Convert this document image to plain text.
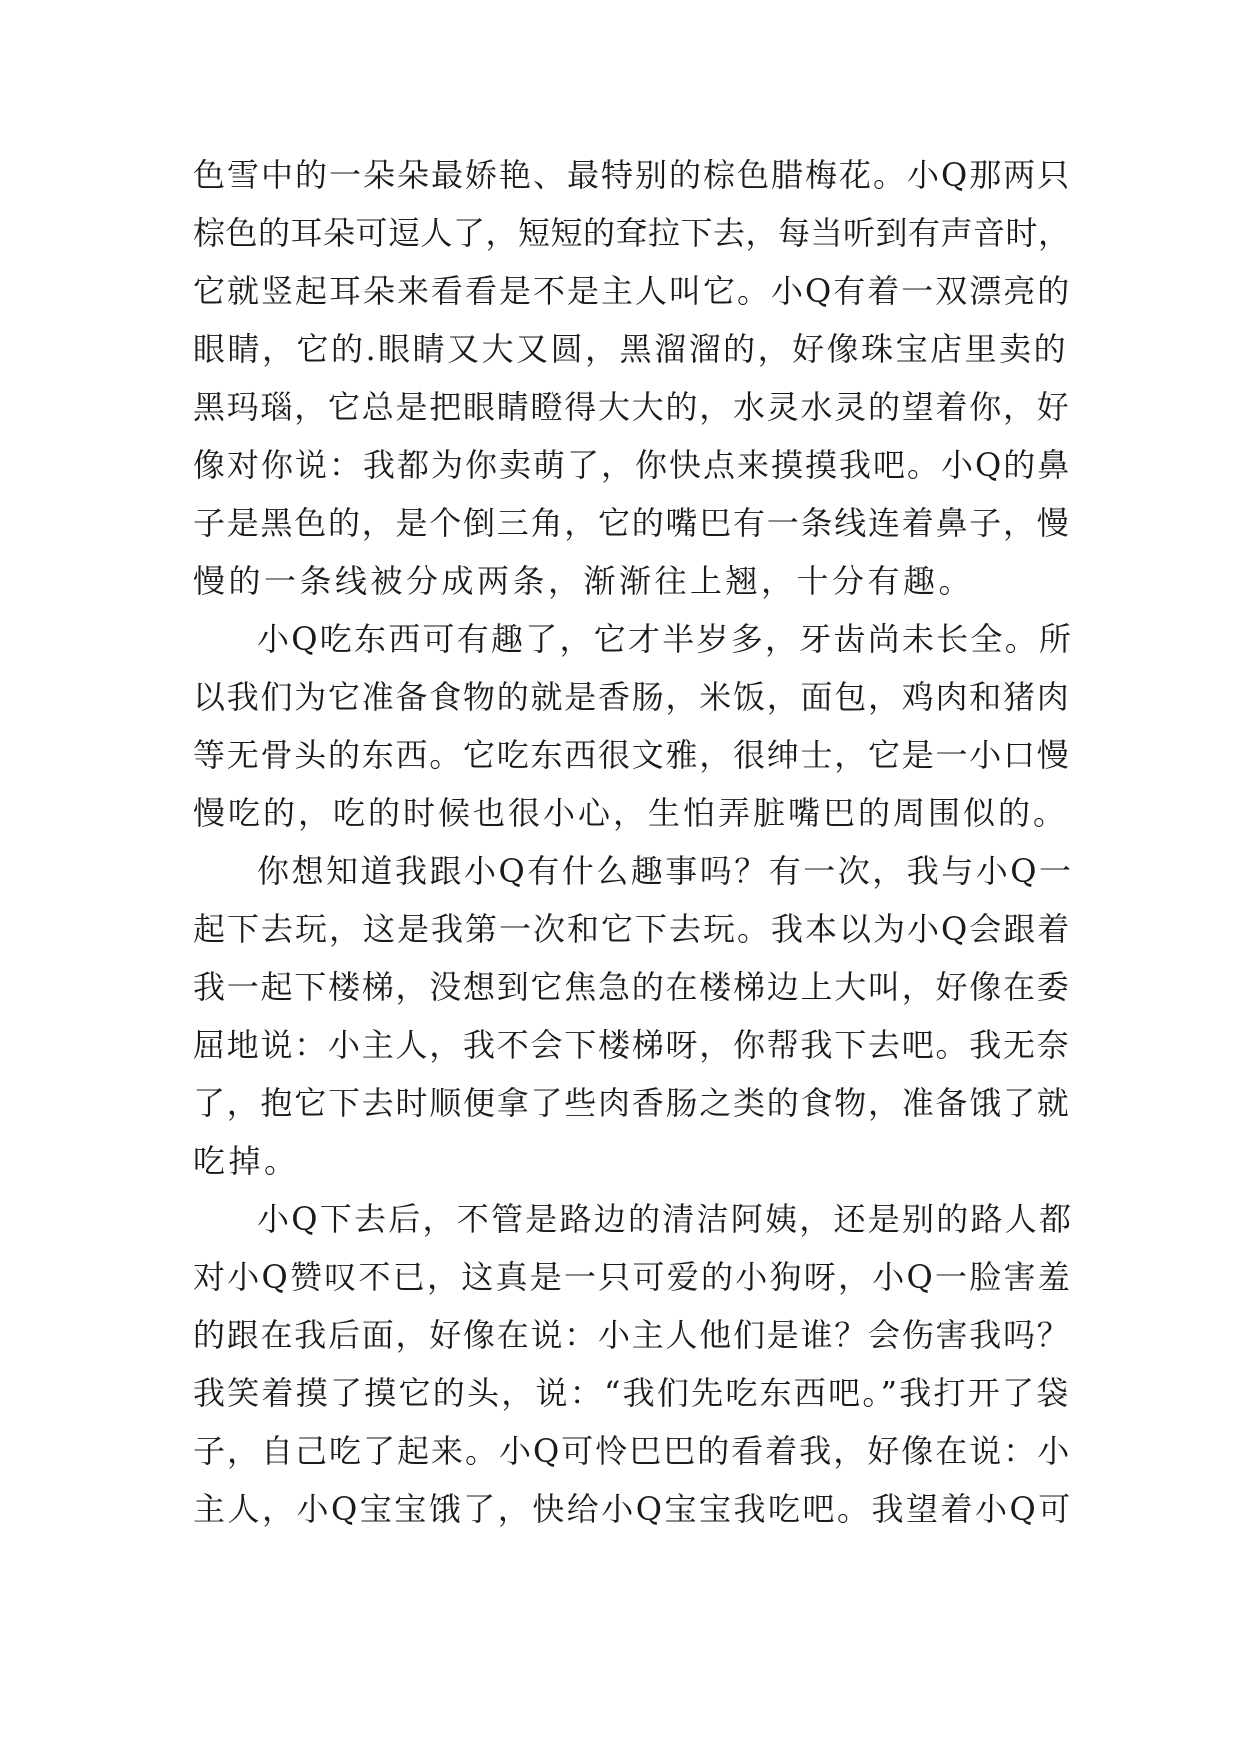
色雪中的一朵朵最娇艳、最特别的棕色腊梅花。小Q那两只
棕色的耳朵可逗人了，短短的耷拉下去，每当听到有声音时，
它就竖起耳朵来看看是不是主人叫它。小Q有着一双漂亮的
眼睛，它的.眼睛又大又圆，黑溜溜的，好像珠宝店里卖的
黑玛瑙，它总是把眼睛瞪得大大的，水灵水灵的望着你，好
像对你说：我都为你卖萌了，你快点来摸摸我吧。小Q的鼻
子是黑色的，是个倒三角，它的嘴巴有一条线连着鼻子，慢
慢的一条线被分成两条，渐渐往上翘，十分有趣。
小Q吃东西可有趣了，它才半岁多，牙齿尚未长全。所
以我们为它准备食物的就是香肠，米饭，面包，鸡肉和猪肉
等无骨头的东西。它吃东西很文雅，很绅士，它是一小口慢
慢吃的，吃的时候也很小心，生怕弄脏嘴巴的周围似的。
你想知道我跟小Q有什么趣事吗？有一次，我与小Q一
起下去玩，这是我第一次和它下去玩。我本以为小Q会跟着
我一起下楼梯，没想到它焦急的在楼梯边上大叫，好像在委
屈地说：小主人，我不会下楼梯呀，你帮我下去吧。我无奈
了，抱它下去时顺便拿了些肉香肠之类的食物，准备饿了就
吃掉。
小Q下去后，不管是路边的清洁阿姨，还是别的路人都
对小Q赞叹不已，这真是一只可爱的小狗呀，小Q一脸害羞
的跟在我后面，好像在说：小主人他们是谁？会伤害我吗？
我笑着摸了摸它的头，说：“我们先吃东西吧。”我打开了袋
子，自己吃了起来。小Q可怜巴巴的看着我，好像在说：小
主人，小Q宝宝饿了，快给小Q宝宝我吃吧。我望着小Q可
